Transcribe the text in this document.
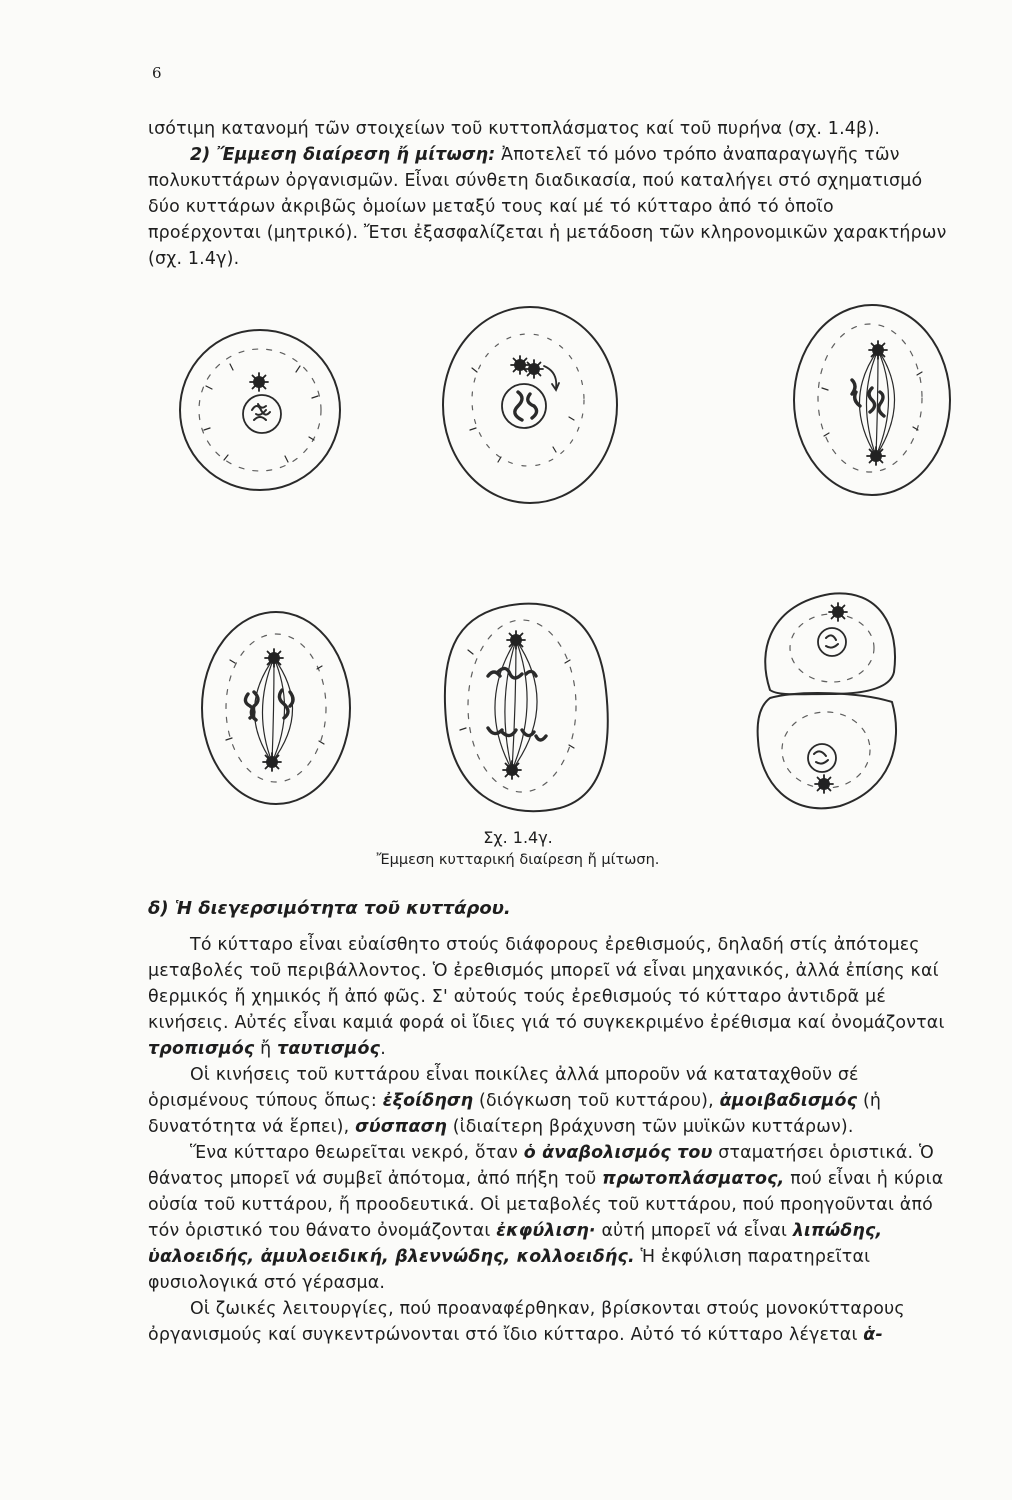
6

ισότιμη κατανομή τῶν στοιχείων τοῦ κυττοπλάσματος καί τοῦ πυρήνα (σχ. 1.4β).

2) Ἔμμεση διαίρεση ἤ μίτωση: Ἀποτελεῖ τό μόνο τρόπο ἀναπαραγωγῆς τῶν πολυκυττάρων ὀργανισμῶν. Εἶναι σύνθετη διαδικασία, πού καταλήγει στό σχηματισμό δύο κυττάρων ἀκριβῶς ὁμοίων μεταξύ τους καί μέ τό κύτταρο ἀπό τό ὁποῖο προέρχονται (μητρικό). Ἔτσι ἐξασφαλίζεται ἡ μετάδοση τῶν κληρονομικῶν χαρακτήρων (σχ. 1.4γ).

Σχ. 1.4γ.
Ἔμμεση κυτταρική διαίρεση ἤ μίτωση.
δ) Ἡ διεγερσιμότητα τοῦ κυττάρου.

Τό κύτταρο εἶναι εὐαίσθητο στούς διάφορους ἐρεθισμούς, δηλαδή στίς ἀπότομες μεταβολές τοῦ περιβάλλοντος. Ὁ ἐρεθισμός μπορεῖ νά εἶναι μηχανικός, ἀλλά ἐπίσης καί θερμικός ἤ χημικός ἤ ἀπό φῶς. Σ' αὐτούς τούς ἐρεθισμούς τό κύτταρο ἀντιδρᾶ μέ κινήσεις. Αὐτές εἶναι καμιά φορά οἱ ἴδιες γιά τό συγκεκριμένο ἐρέθισμα καί ὀνομάζονται τροπισμός ἤ ταυτισμός.

Οἱ κινήσεις τοῦ κυττάρου εἶναι ποικίλες ἀλλά μποροῦν νά καταταχθοῦν σέ ὁρισμένους τύπους ὅπως: ἐξοίδηση (διόγκωση τοῦ κυττάρου), ἀμοιβαδισμός (ἡ δυνατότητα νά ἕρπει), σύσπαση (ἰδιαίτερη βράχυνση τῶν μυϊκῶν κυττάρων).

Ἕνα κύτταρο θεωρεῖται νεκρό, ὅταν ὁ ἀναβολισμός του σταματήσει ὁριστικά. Ὁ θάνατος μπορεῖ νά συμβεῖ ἀπότομα, ἀπό πήξη τοῦ πρωτοπλάσματος, πού εἶναι ἡ κύρια οὐσία τοῦ κυττάρου, ἤ προοδευτικά. Οἱ μεταβολές τοῦ κυττάρου, πού προηγοῦνται ἀπό τόν ὁριστικό του θάνατο ὀνομάζονται ἐκφύλιση· αὐτή μπορεῖ νά εἶναι λιπώδης, ὑαλοειδής, ἀμυλοειδική, βλεννώδης, κολλοειδής. Ἡ ἐκφύλιση παρατηρεῖται φυσιολογικά στό γέρασμα.

Οἱ ζωικές λειτουργίες, πού προαναφέρθηκαν, βρίσκονται στούς μονοκύτταρους ὀργανισμούς καί συγκεντρώνονται στό ἴδιο κύτταρο. Αὐτό τό κύτταρο λέγεται ἁ-
